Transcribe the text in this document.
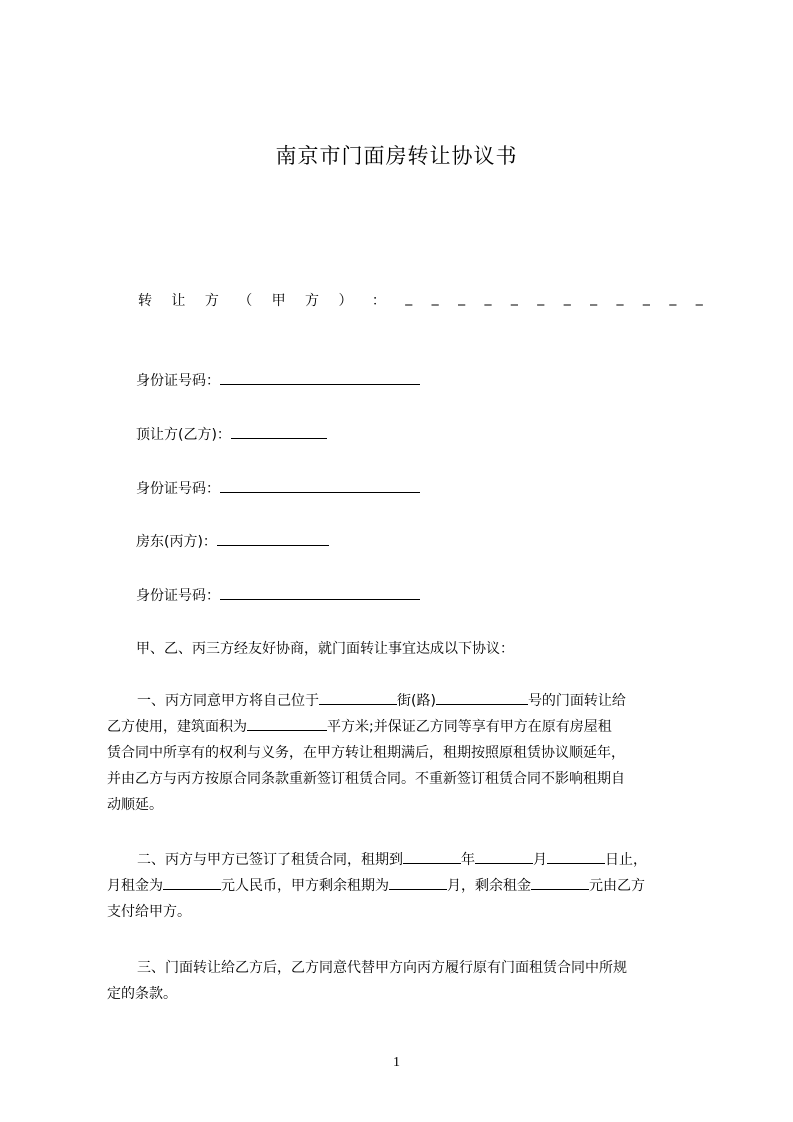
南京市门面房转让协议书
转 让 方 （ 甲 方 ） ： _ _ _ _ _ _ _ _ _ _ _ _
身份证号码：
顶让方(乙方)：
身份证号码：
房东(丙方)：
身份证号码：
甲、乙、丙三方经友好协商，就门面转让事宜达成以下协议：

一、丙方同意甲方将自己位于	街(路)	号的门面转让给

乙方使用，建筑面积为	平方米;并保证乙方同等享有甲方在原有房屋租

赁合同中所享有的权利与义务，在甲方转让租期满后，租期按照原租赁协议顺延年，

并由乙方与丙方按原合同条款重新签订租赁合同。不重新签订租赁合同不影响租期自

动顺延。

二、丙方与甲方已签订了租赁合同，租期到	年	月	日止，

月租金为	元人民币，甲方剩余租期为	月，剩余租金	元由乙方

支付给甲方。

三、门面转让给乙方后，乙方同意代替甲方向丙方履行原有门面租赁合同中所规

定的条款。

1
